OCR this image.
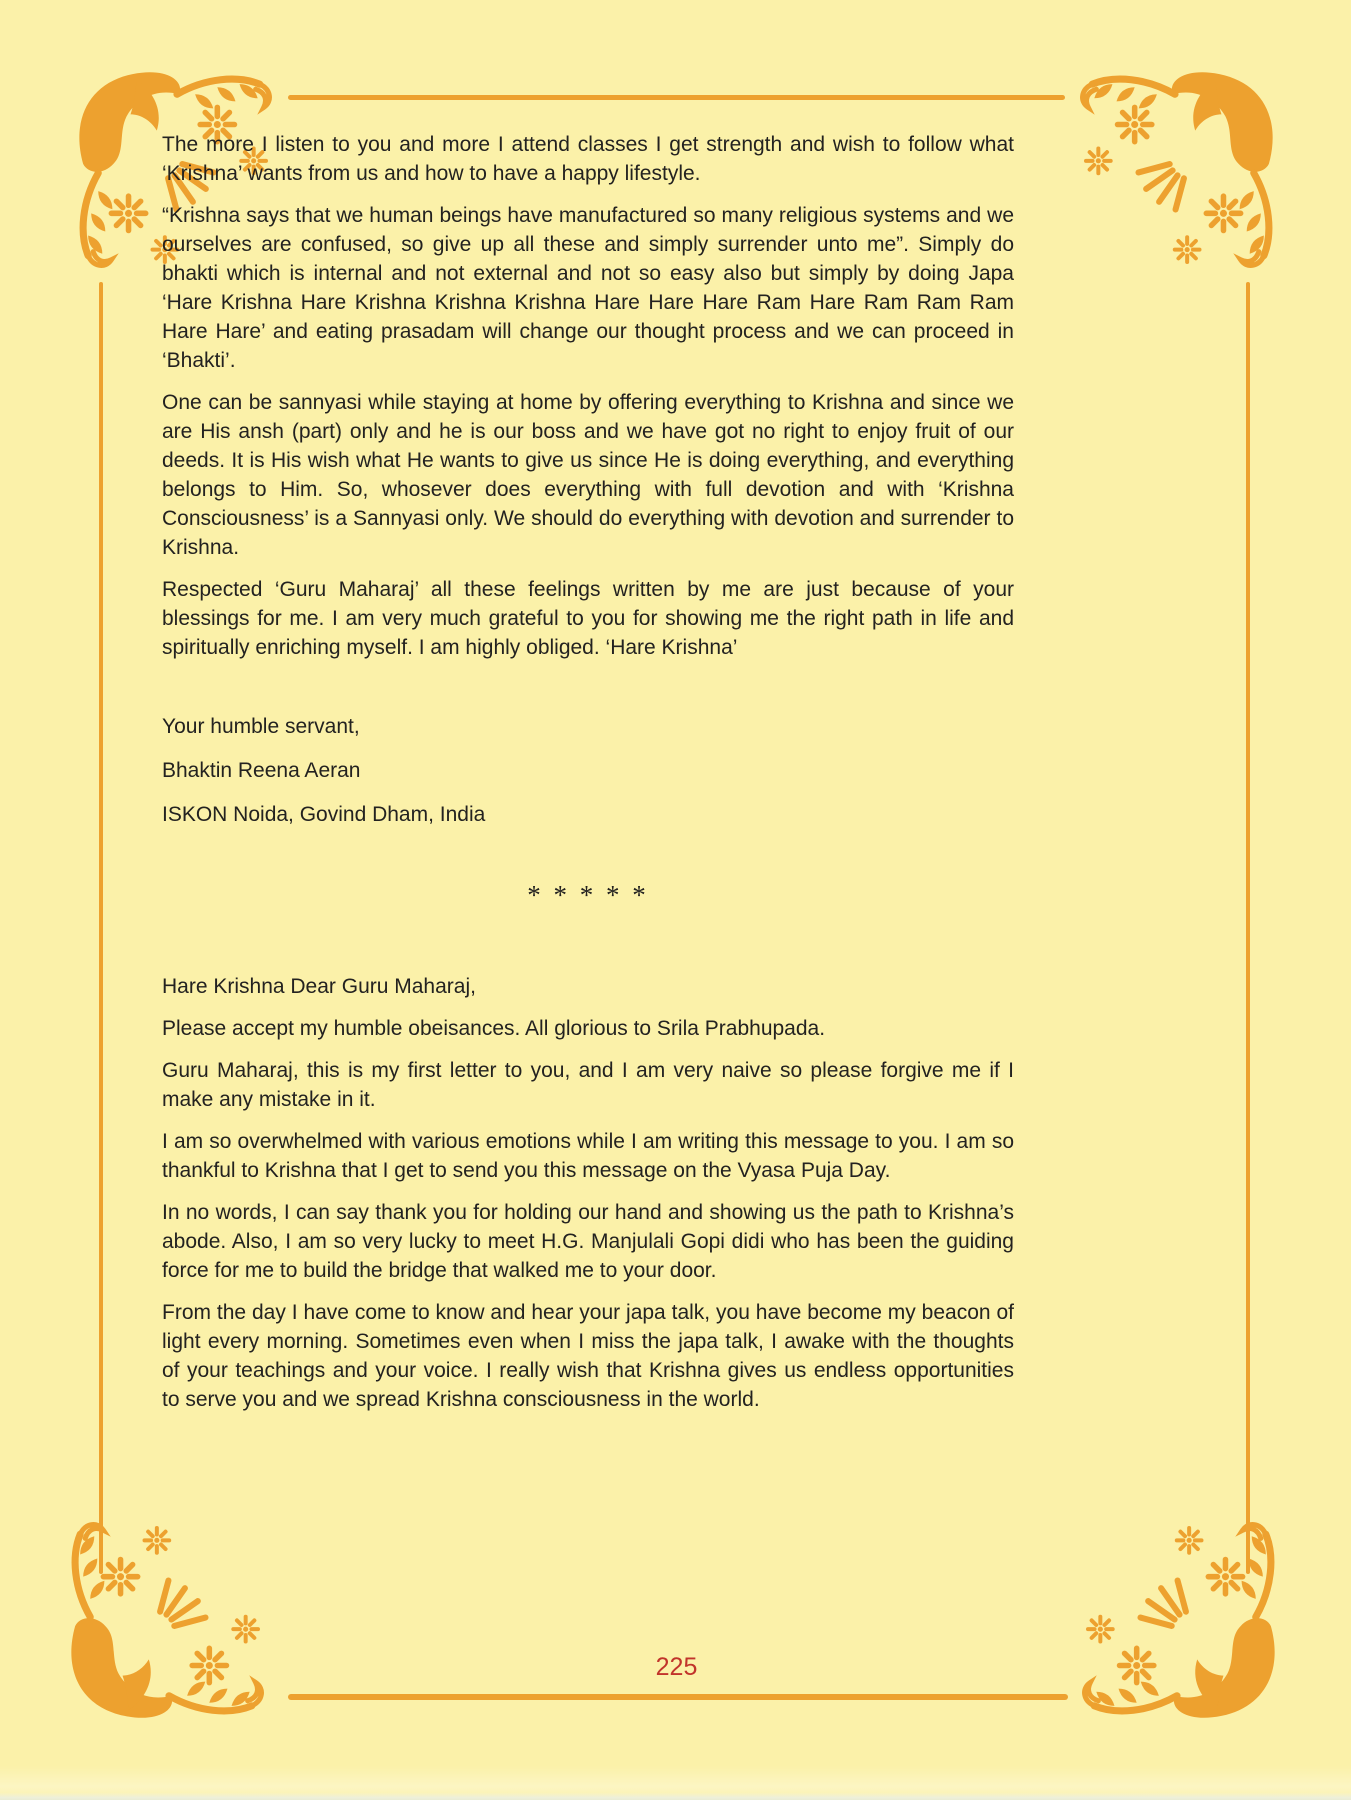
The more I listen to you and more I attend classes I get strength and wish to follow what ‘Krishna’ wants from us and how to have a happy lifestyle.

“Krishna says that we human beings have manufactured so many religious systems and we ourselves are confused, so give up all these and simply surrender unto me”. Simply do bhakti which is internal and not external and not so easy also but simply by doing Japa ‘Hare Krishna Hare Krishna Krishna Krishna Hare Hare Hare Ram Hare Ram Ram Ram Hare Hare’ and eating prasadam will change our thought process and we can proceed in ‘Bhakti’.

One can be sannyasi while staying at home by offering everything to Krishna and since we are His ansh (part) only and he is our boss and we have got no right to enjoy fruit of our deeds. It is His wish what He wants to give us since He is doing everything, and everything belongs to Him. So, whosever does everything with full devotion and with ‘Krishna Consciousness’ is a Sannyasi only. We should do everything with devotion and surrender to Krishna.

Respected ‘Guru Maharaj’ all these feelings written by me are just because of your blessings for me. I am very much grateful to you for showing me the right path in life and spiritually enriching myself. I am highly obliged. ‘Hare Krishna’

Your humble servant,

Bhaktin Reena Aeran

ISKON Noida, Govind Dham, India

* * * * *

Hare Krishna Dear Guru Maharaj,

Please accept my humble obeisances. All glorious to Srila Prabhupada.

Guru Maharaj, this is my first letter to you, and I am very naive so please forgive me if I make any mistake in it.

I am so overwhelmed with various emotions while I am writing this message to you. I am so thankful to Krishna that I get to send you this message on the Vyasa Puja Day.

In no words, I can say thank you for holding our hand and showing us the path to Krishna’s abode. Also, I am so very lucky to meet H.G. Manjulali Gopi didi who has been the guiding force for me to build the bridge that walked me to your door.

From the day I have come to know and hear your japa talk, you have become my beacon of light every morning. Sometimes even when I miss the japa talk, I awake with the thoughts of your teachings and your voice. I really wish that Krishna gives us endless opportunities to serve you and we spread Krishna consciousness in the world.

225
